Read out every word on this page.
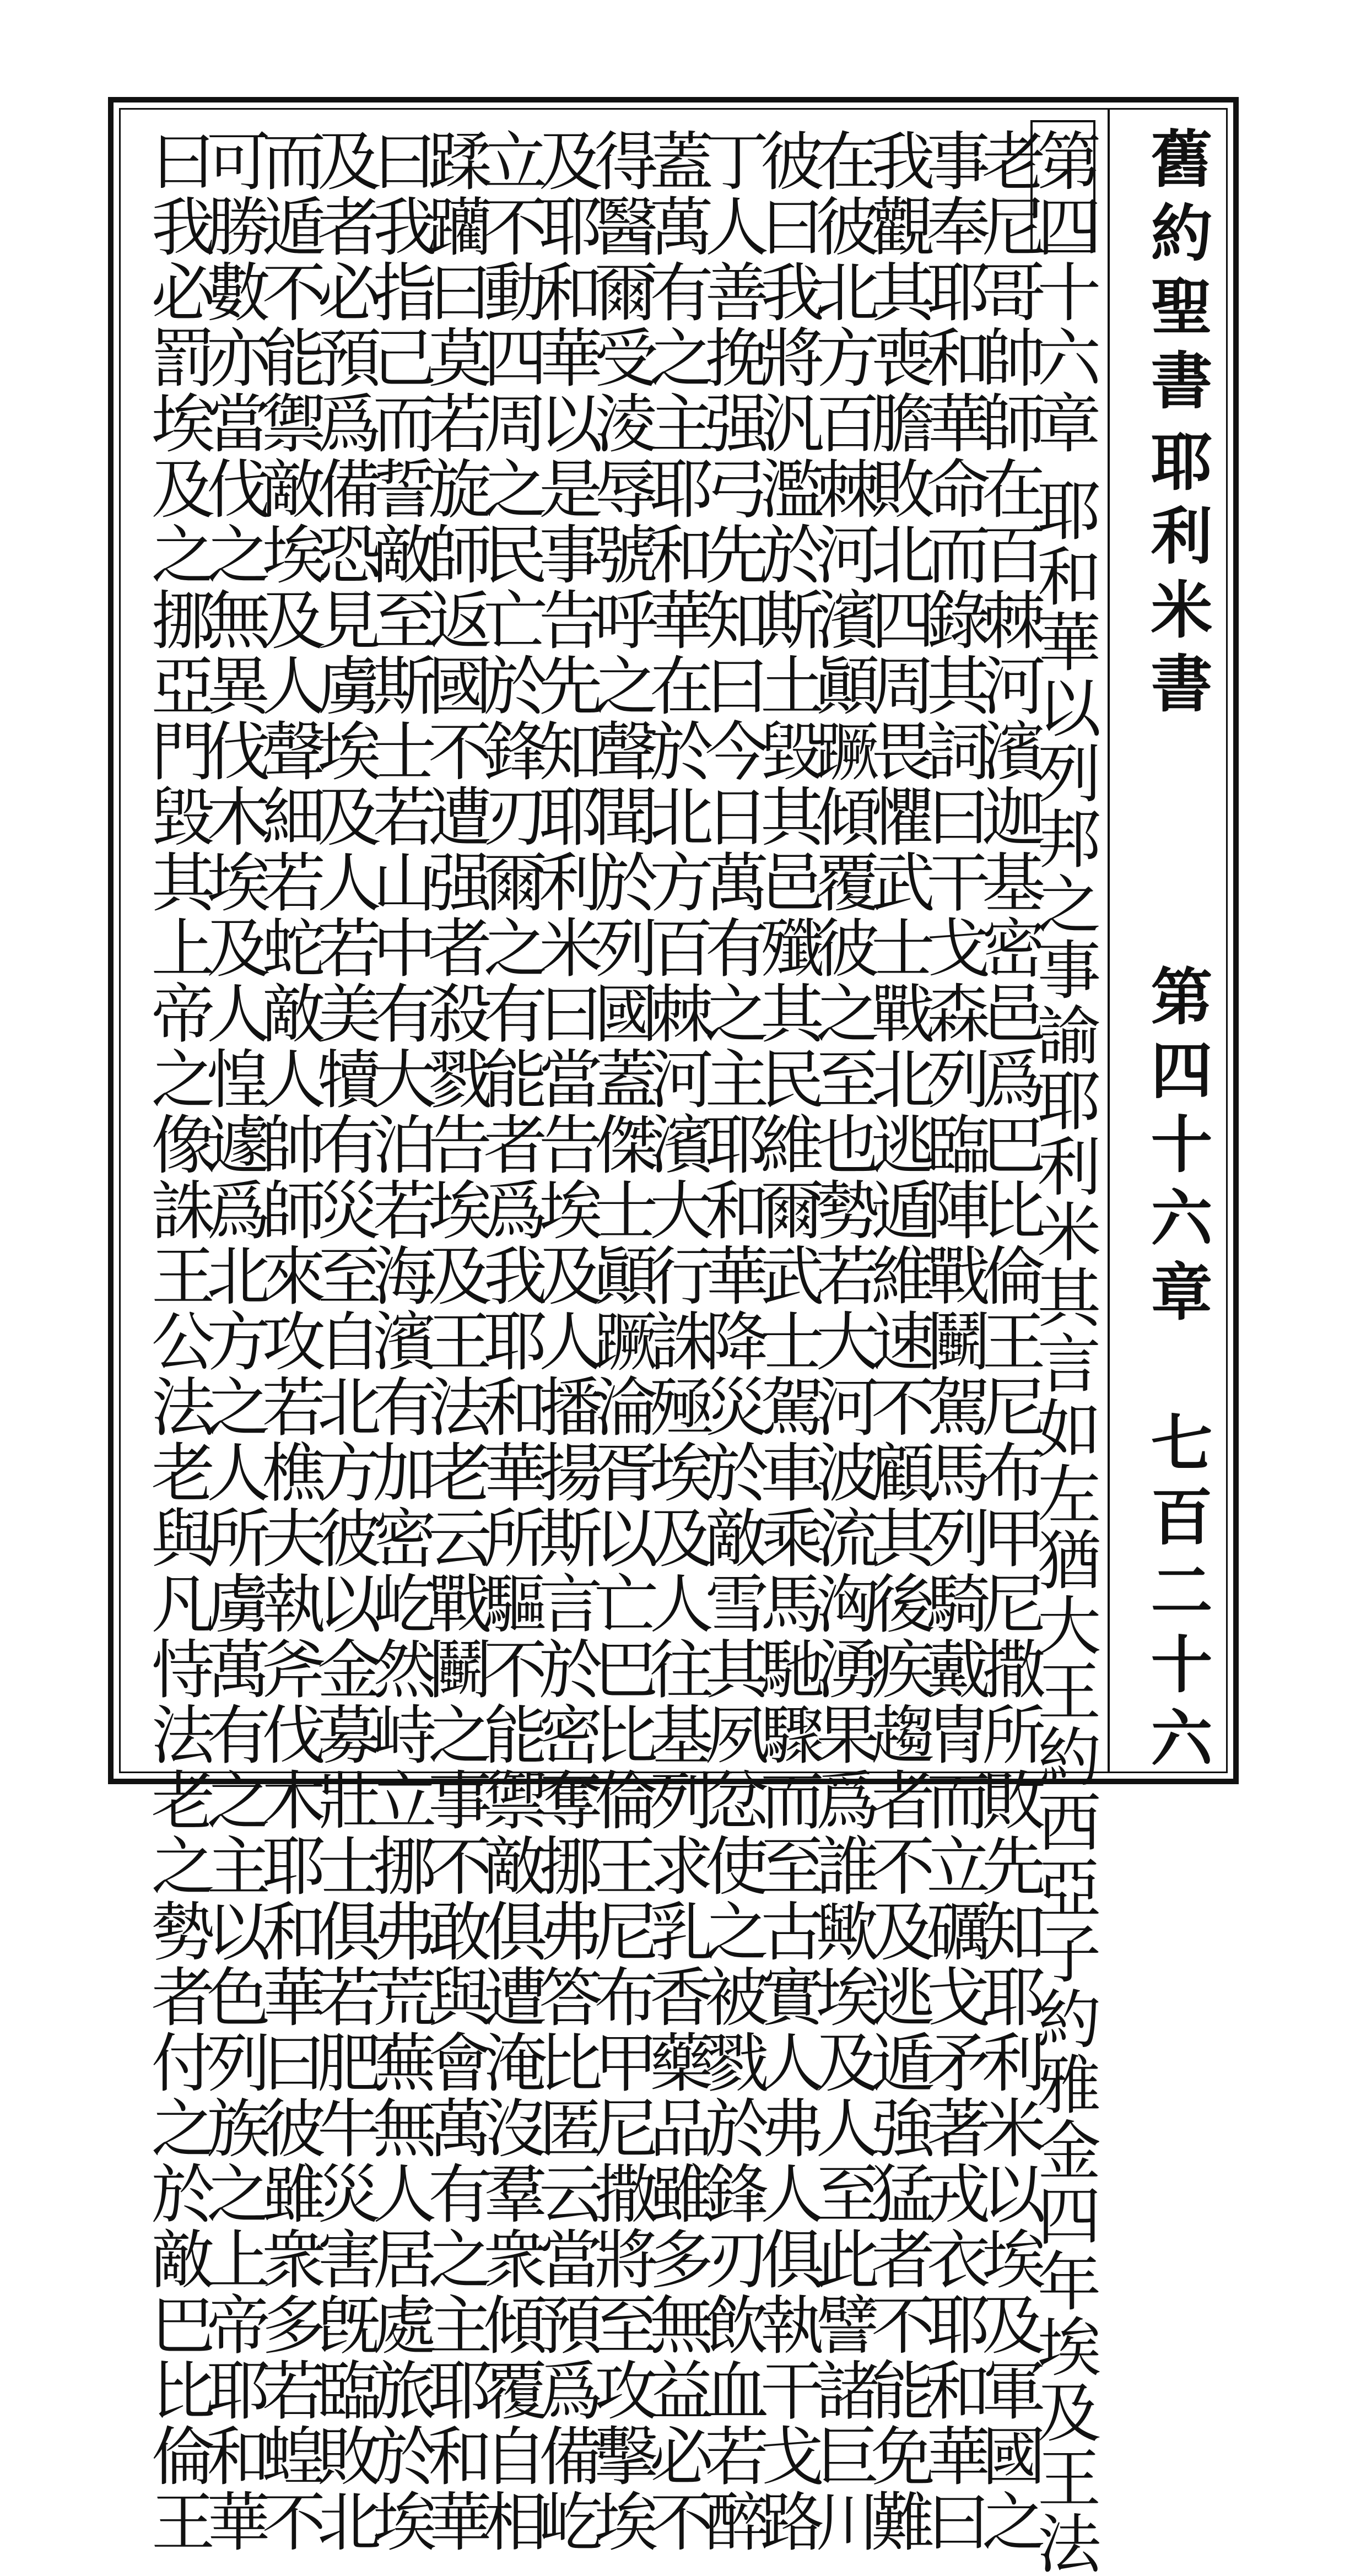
舊約聖書
耶利米書
第四十六章
七百二十六
第四十六章 耶和華以列邦之事諭耶利米其言如左猶大王約西亞子約雅金四年埃及王法
老尼哥帥師在百棘河濱迦基密邑爲巴比倫王尼布甲尼撒所敗先知耶利米以埃及軍國之
事奉耶和華命而錄其詞曰干戈森列臨陣戰鬭駕馬列騎戴冑而立礪戈矛著戎衣耶和華曰
我觀其喪膽敗北四周畏懼武士戰北逃遁維速不顧其後疾趨者不及逃遁強猛者不能免難
在彼北方百棘河濱顚蹶傾覆彼之至也勢若大河波流洶湧果爲誰歟埃及人至此譬諸巨川
彼曰我將汎濫於斯土毀其邑殲其民維爾武士駕車乘馬馳驟而至古實人弗人俱執干戈路
丁人善挽强弓先知曰今日萬有之主耶和華降災於敵雪其夙忿使之被戮於鋒刃飲血若醉
蓋萬有之主耶和華在於北方百棘河濱大行誅殛埃及人往基列求乳香藥品雖多無益必不
得醫爾受淩辱號呼之聲聞於列國蓋傑士顚蹶淪胥以亡巴比倫王尼布甲尼撒將至攻擊埃
及耶和華以是事告先知耶利米曰當告埃及人播揚斯言於密奪挪弗答比匿云當預爲備屹
立不動四周之民亡於鋒刃爾之有能者爲我耶和華所驅不能禦敵俱遭淹沒羣衆傾覆自相
蹂躪曰莫若旋師返國不遭强者殺戮告埃及王法老云戰鬭之事不敢與會萬有之主耶和華
曰我指己而誓敵至斯士若山中有大泊若海濱有加密屹然峙立挪弗荒蕪無人居處旅於埃
及者必預爲備恐見虜埃及人若美犢有災至自北方彼以金募壯士俱若肥牛災害旣臨敗北
而遁不能禦敵埃及人聲細若蛇敵人帥師來攻若樵夫執斧伐木耶和華曰彼雖衆多若蝗不
可勝數亦當伐之無異伐木埃及人惶遽爲北方之人所虜萬有之主以色列族之上帝耶和華
曰我必罰埃及之挪亞門毀其上帝之像誅王公法老與凡恃法老之勢者付之於敵巴比倫王
